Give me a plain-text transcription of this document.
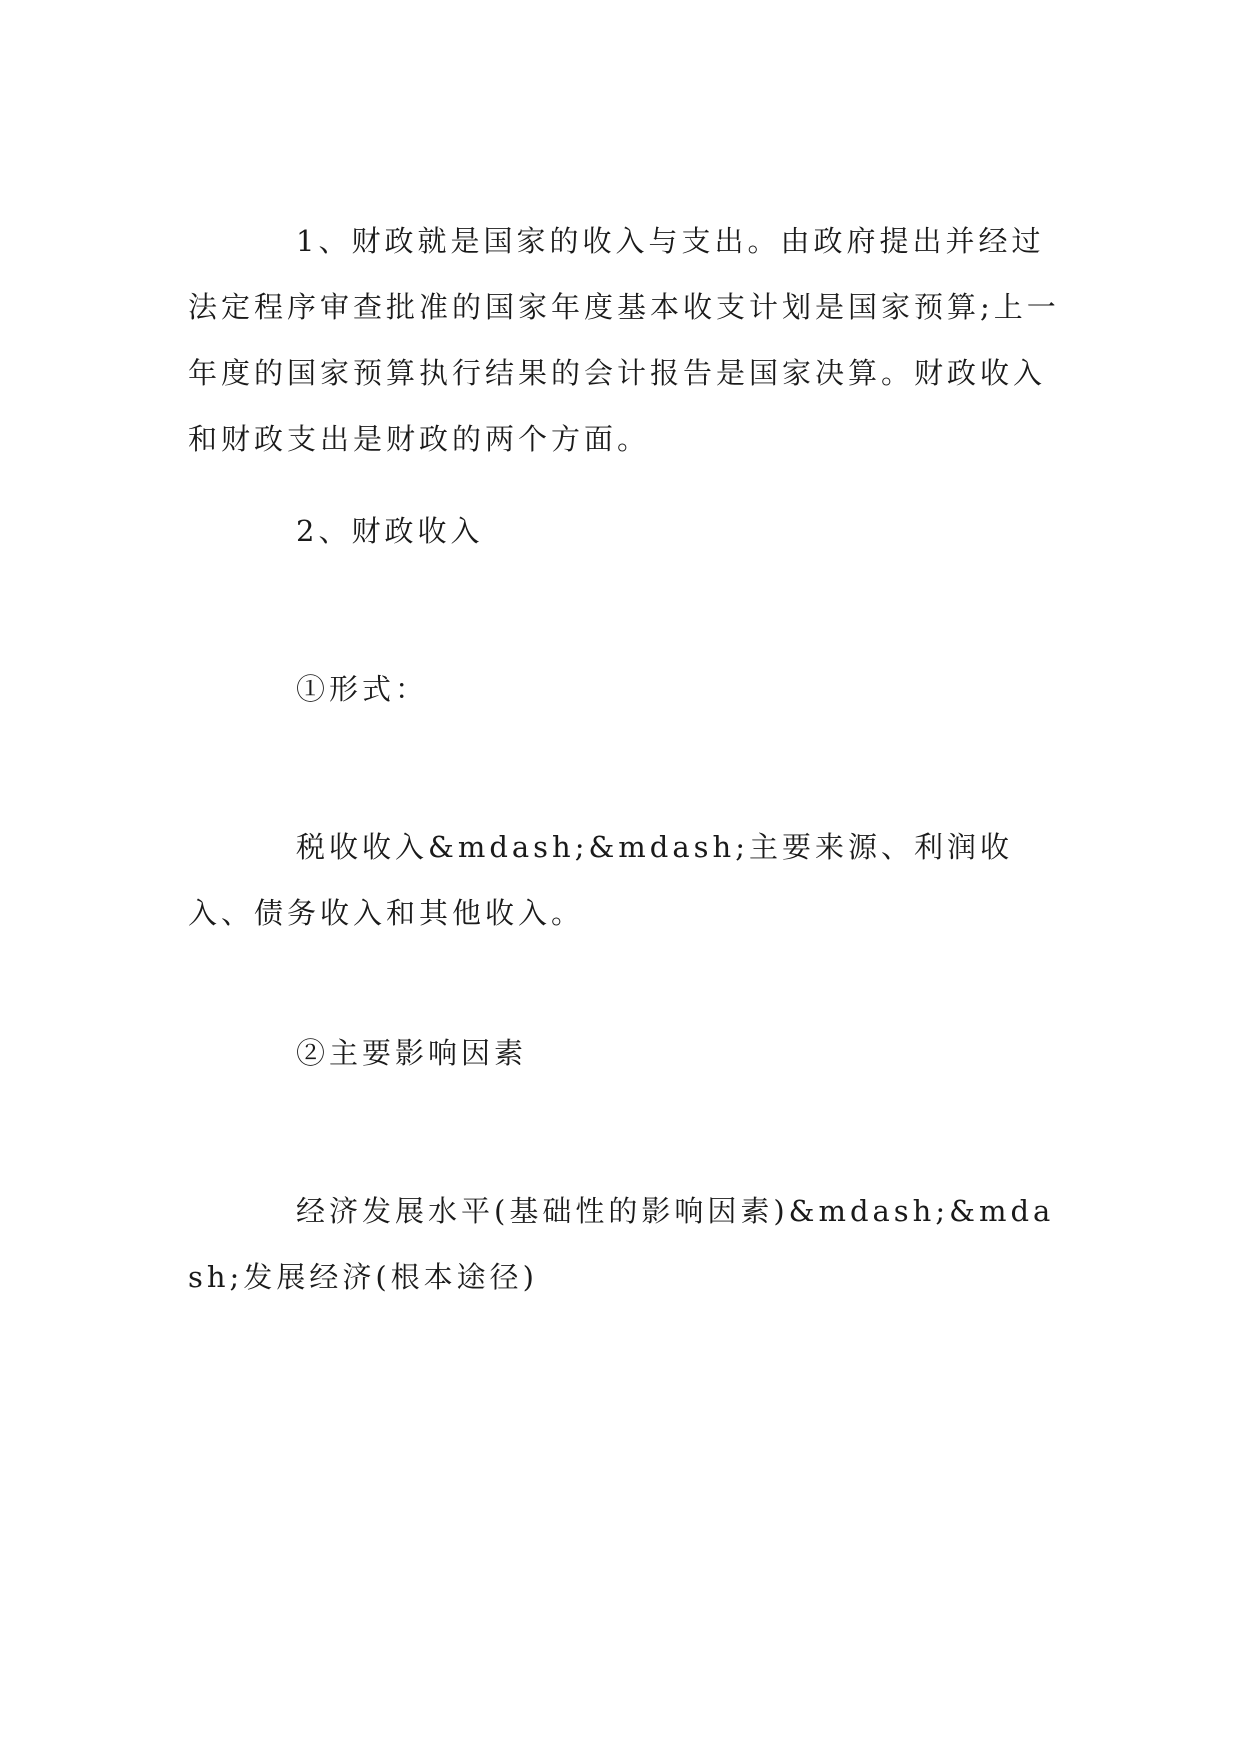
1、财政就是国家的收入与支出。由政府提出并经过法定程序审查批准的国家年度基本收支计划是国家预算;上一年度的国家预算执行结果的会计报告是国家决算。财政收入和财政支出是财政的两个方面。

2、财政收入

①形式：

税收收入&mdash;&mdash;主要来源、利润收入、债务收入和其他收入。

②主要影响因素

经济发展水平(基础性的影响因素)&mdash;&mdash;发展经济(根本途径)
